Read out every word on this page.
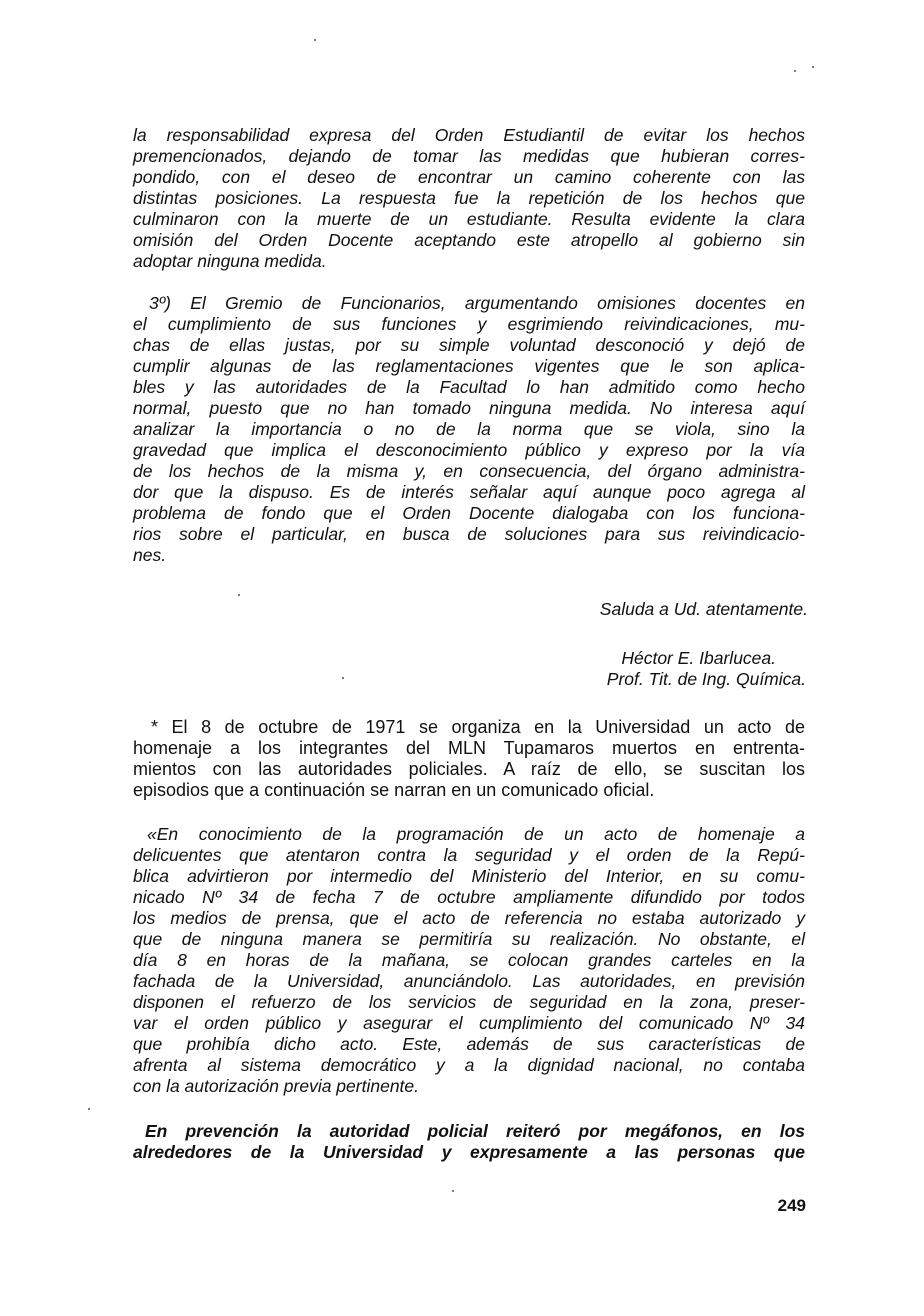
la responsabilidad expresa del Orden Estudiantil de evitar los hechos
premencionados, dejando de tomar las medidas que hubieran corres-
pondido, con el deseo de encontrar un camino coherente con las
distintas posiciones. La respuesta fue la repetición de los hechos que
culminaron con la muerte de un estudiante. Resulta evidente la clara
omisión del Orden Docente aceptando este atropello al gobierno sin
adoptar ninguna medida.

3º) El Gremio de Funcionarios, argumentando omisiones docentes en
el cumplimiento de sus funciones y esgrimiendo reivindicaciones, mu-
chas de ellas justas, por su simple voluntad desconoció y dejó de
cumplir algunas de las reglamentaciones vigentes que le son aplica-
bles y las autoridades de la Facultad lo han admitido como hecho
normal, puesto que no han tomado ninguna medida. No interesa aquí
analizar la importancia o no de la norma que se viola, sino la
gravedad que implica el desconocimiento público y expreso por la vía
de los hechos de la misma y, en consecuencia, del órgano administra-
dor que la dispuso. Es de interés señalar aquí aunque poco agrega al
problema de fondo que el Orden Docente dialogaba con los funciona-
rios sobre el particular, en busca de soluciones para sus reivindicacio-
nes.

Saluda a Ud. atentamente.
Héctor E. Ibarlucea.
Prof. Tit. de Ing. Química.

* El 8 de octubre de 1971 se organiza en la Universidad un acto de
homenaje a los integrantes del MLN Tupamaros muertos en entrenta-
mientos con las autoridades policiales. A raíz de ello, se suscitan los
episodios que a continuación se narran en un comunicado oficial.

«En conocimiento de la programación de un acto de homenaje a
delicuentes que atentaron contra la seguridad y el orden de la Repú-
blica advirtieron por intermedio del Ministerio del Interior, en su comu-
nicado Nº 34 de fecha 7 de octubre ampliamente difundido por todos
los medios de prensa, que el acto de referencia no estaba autorizado y
que de ninguna manera se permitiría su realización. No obstante, el
día 8 en horas de la mañana, se colocan grandes carteles en la
fachada de la Universidad, anunciándolo. Las autoridades, en previsión
disponen el refuerzo de los servicios de seguridad en la zona, preser-
var el orden público y asegurar el cumplimiento del comunicado Nº 34
que prohibía dicho acto. Este, además de sus características de
afrenta al sistema democrático y a la dignidad nacional, no contaba
con la autorización previa pertinente.

En prevención la autoridad policial reiteró por megáfonos, en los
alrededores de la Universidad y expresamente a las personas que

249
